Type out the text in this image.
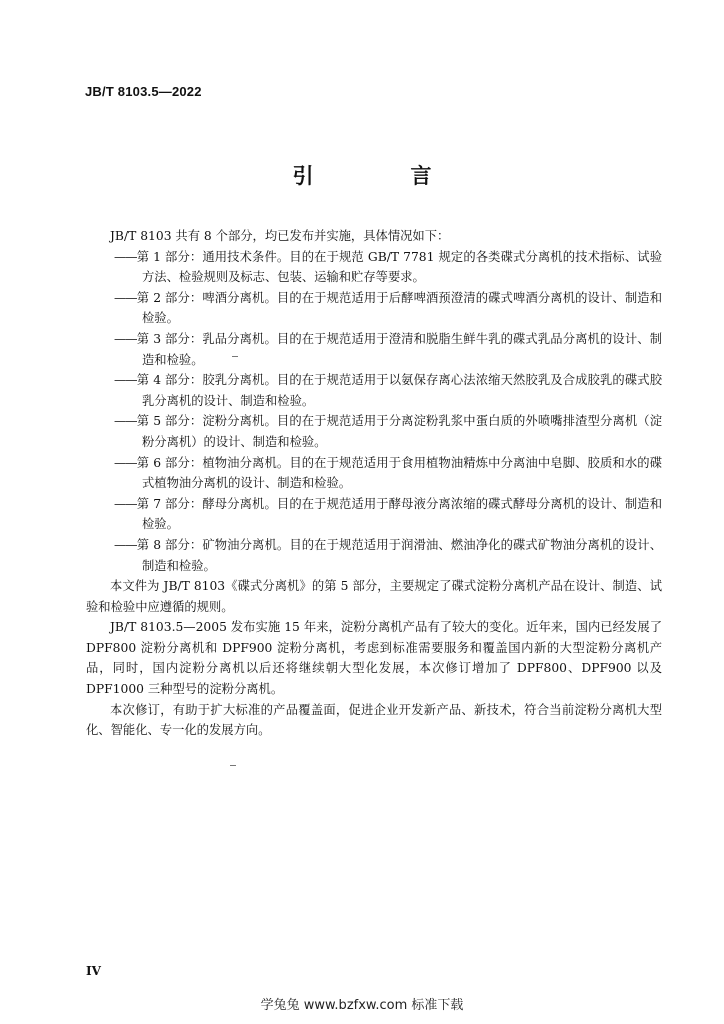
JB/T 8103.5—2022
引　言

JB/T 8103 共有 8 个部分，均已发布并实施，具体情况如下：

—— 第 1 部分：通用技术条件。目的在于规范 GB/T 7781 规定的各类碟式分离机的技术指标、试验方法、检验规则及标志、包装、运输和贮存等要求。
—— 第 2 部分：啤酒分离机。目的在于规范适用于后酵啤酒预澄清的碟式啤酒分离机的设计、制造和检验。
—— 第 3 部分：乳品分离机。目的在于规范适用于澄清和脱脂生鲜牛乳的碟式乳品分离机的设计、制造和检验。
—— 第 4 部分：胶乳分离机。目的在于规范适用于以氨保存离心法浓缩天然胶乳及合成胶乳的碟式胶乳分离机的设计、制造和检验。
—— 第 5 部分：淀粉分离机。目的在于规范适用于分离淀粉乳浆中蛋白质的外喷嘴排渣型分离机（淀粉分离机）的设计、制造和检验。
—— 第 6 部分：植物油分离机。目的在于规范适用于食用植物油精炼中分离油中皂脚、胶质和水的碟式植物油分离机的设计、制造和检验。
—— 第 7 部分：酵母分离机。目的在于规范适用于酵母液分离浓缩的碟式酵母分离机的设计、制造和检验。
—— 第 8 部分：矿物油分离机。目的在于规范适用于润滑油、燃油净化的碟式矿物油分离机的设计、制造和检验。

本文件为 JB/T 8103《碟式分离机》的第 5 部分，主要规定了碟式淀粉分离机产品在设计、制造、试验和检验中应遵循的规则。

JB/T 8103.5—2005 发布实施 15 年来，淀粉分离机产品有了较大的变化。近年来，国内已经发展了 DPF800 淀粉分离机和 DPF900 淀粉分离机，考虑到标准需要服务和覆盖国内新的大型淀粉分离机产品，同时，国内淀粉分离机以后还将继续朝大型化发展，本次修订增加了 DPF800、DPF900 以及 DPF1000 三种型号的淀粉分离机。

本次修订，有助于扩大标准的产品覆盖面，促进企业开发新产品、新技术，符合当前淀粉分离机大型化、智能化、专一化的发展方向。

IV
学兔兔 www.bzfxw.com 标准下载
